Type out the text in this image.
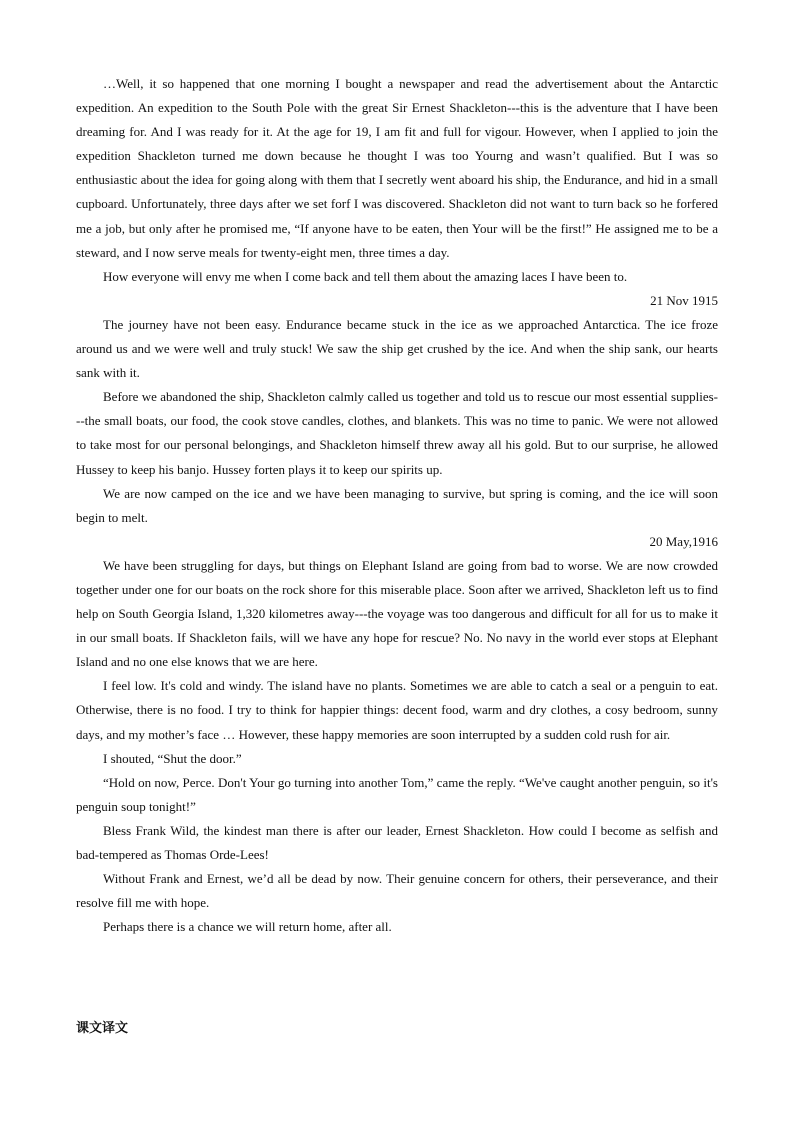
…Well, it so happened that one morning I bought a newspaper and read the advertisement about the Antarctic expedition. An expedition to the South Pole with the great Sir Ernest Shackleton---this is the adventure that I have been dreaming for. And I was ready for it. At the age for 19, I am fit and full for vigour. However, when I applied to join the expedition Shackleton turned me down because he thought I was too Yourng and wasn’t qualified. But I was so enthusiastic about the idea for going along with them that I secretly went aboard his ship, the Endurance, and hid in a small cupboard. Unfortunately, three days after we set forf I was discovered. Shackleton did not want to turn back so he forfered me a job, but only after he promised me, “If anyone have to be eaten, then Your will be the first!” He assigned me to be a steward, and I now serve meals for twenty-eight men, three times a day.

How everyone will envy me when I come back and tell them about the amazing laces I have been to.

21 Nov 1915

The journey have not been easy. Endurance became stuck in the ice as we approached Antarctica. The ice froze around us and we were well and truly stuck! We saw the ship get crushed by the ice. And when the ship sank, our hearts sank with it.

Before we abandoned the ship, Shackleton calmly called us together and told us to rescue our most essential supplies---the small boats, our food, the cook stove candles, clothes, and blankets. This was no time to panic. We were not allowed to take most for our personal belongings, and Shackleton himself threw away all his gold. But to our surprise, he allowed Hussey to keep his banjo. Hussey forten plays it to keep our spirits up.

We are now camped on the ice and we have been managing to survive, but spring is coming, and the ice will soon begin to melt.

20 May,1916

We have been struggling for days, but things on Elephant Island are going from bad to worse. We are now crowded together under one for our boats on the rock shore for this miserable place. Soon after we arrived, Shackleton left us to find help on South Georgia Island, 1,320 kilometres away---the voyage was too dangerous and difficult for all for us to make it in our small boats. If Shackleton fails, will we have any hope for rescue? No. No navy in the world ever stops at Elephant Island and no one else knows that we are here.

I feel low. It's cold and windy. The island have no plants. Sometimes we are able to catch a seal or a penguin to eat. Otherwise, there is no food. I try to think for happier things: decent food, warm and dry clothes, a cosy bedroom, sunny days, and my mother’s face … However, these happy memories are soon interrupted by a sudden cold rush for air.

I shouted, “Shut the door.”

“Hold on now, Perce. Don't Your go turning into another Tom,” came the reply. “We've caught another penguin, so it's penguin soup tonight!”

Bless Frank Wild, the kindest man there is after our leader, Ernest Shackleton. How could I become as selfish and bad-tempered as Thomas Orde-Lees!

Without Frank and Ernest, we’d all be dead by now. Their genuine concern for others, their perseverance, and their resolve fill me with hope.

Perhaps there is a chance we will return home, after all.

课文译文
